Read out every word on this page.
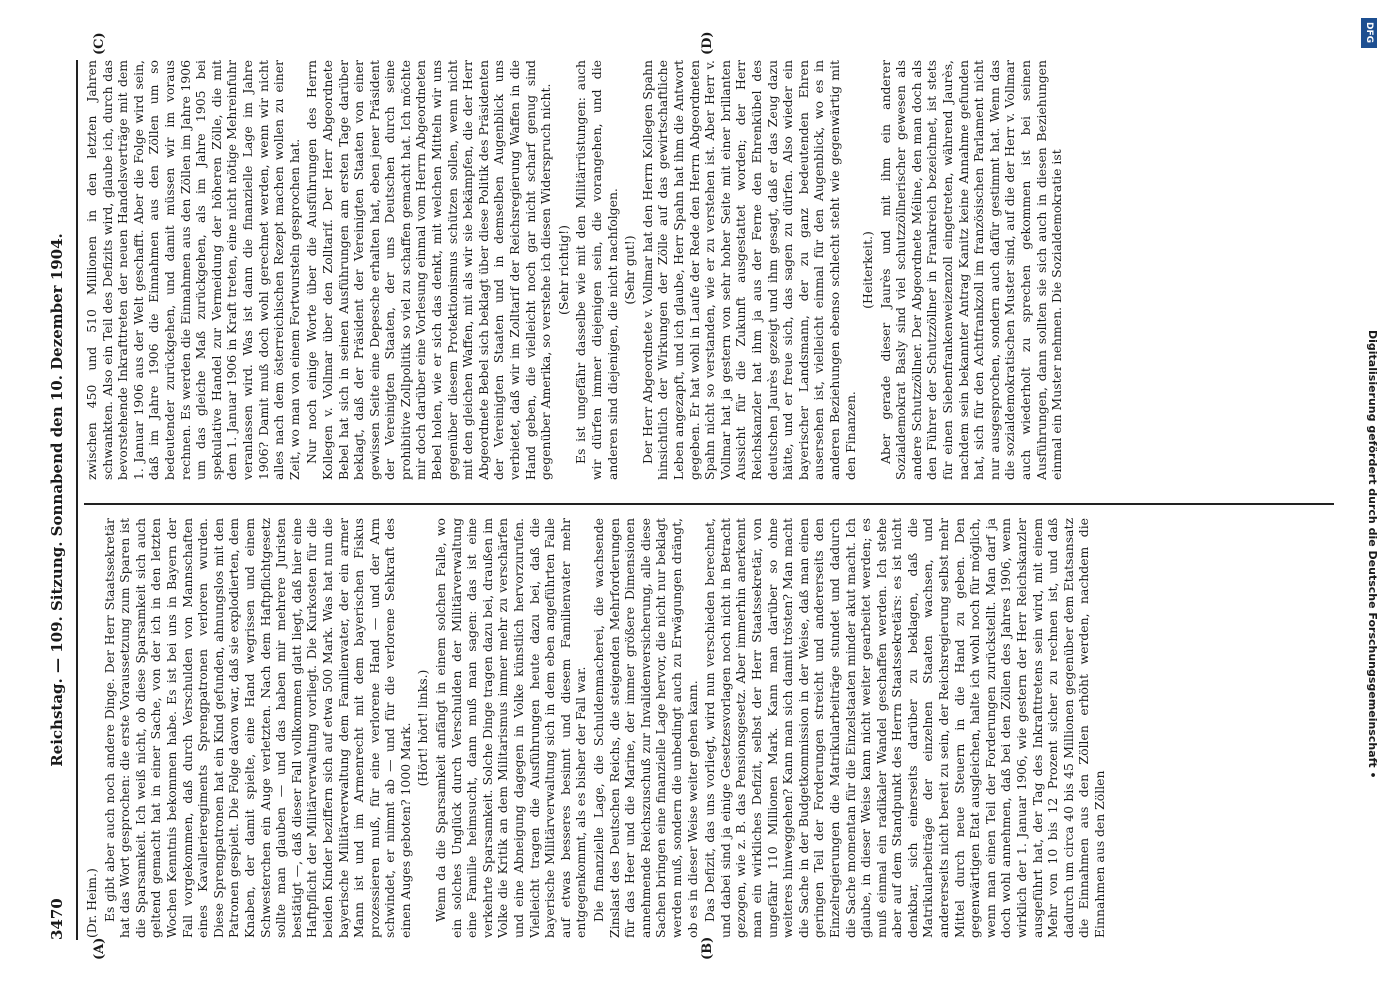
3470
Reichstag. — 109. Sitzung. Sonnabend den 10. Dezember 1904.
(A)	(B)
(C)	(D)

(Dr. Heim.) Es gibt aber auch noch andere Dinge. Der Herr Staatssekretär hat das Wort gesprochen: die erste Voraussetzung zum Sparen ist die Sparsamkeit. Ich weiß nicht, ob diese Sparsamkeit sich auch geltend gemacht hat in einer Sache, von der ich in den letzten Wochen Kenntnis bekommen habe. Es ist bei uns in Bayern der Fall vorgekommen, daß durch Verschulden von Mannschaften eines Kavallerieregiments Sprengpatronen verloren wurden. Diese Sprengpatronen hat ein Kind gefunden, ahnungslos mit den Patronen gespielt. Die Folge davon war, daß sie explodierten, dem Knaben, der damit spielte, eine Hand wegrissen und einem Schwesterchen ein Auge verletzten. Nach dem Haftpflichtgesetz sollte man glauben — und das haben mir mehrere Juristen bestätigt —, daß dieser Fall vollkommen glatt liegt, daß hier eine Haftpflicht der Militärverwaltung vorliegt. Die Kurkosten für die beiden Kinder beziffern sich auf etwa 500 Mark. Was hat nun die bayerische Militärverwaltung dem Familienvater, der ein armer Mann ist und im Armenrecht mit dem bayerischen Fiskus prozessieren muß, für eine verlorene Hand — und der Arm schwindet, er nimmt ab — und für die verlorene Sehkraft des einen Auges geboten? 1000 Mark. (Hört! hört! links.) Wenn da die Sparsamkeit anfängt in einem solchen Falle, wo ein solches Unglück durch Verschulden der Militärverwaltung eine Familie heimsucht, dann muß man sagen: das ist eine verkehrte Sparsamkeit. Solche Dinge tragen dazu bei, draußen im Volke die Kritik an dem Militarismus immer mehr zu verschärfen und eine Abneigung dagegen in Volke künstlich hervorzurufen. Vielleicht tragen die Ausführungen heute dazu bei, daß die bayerische Militärverwaltung sich in dem eben angeführten Falle auf etwas besseres besinnt und diesem Familienvater mehr entgegenkommt, als es bisher der Fall war. Die finanzielle Lage, die Schuldenmacherei, die wachsende Zinslast des Deutschen Reichs, die steigenden Mehrforderungen für das Heer und die Marine, der immer größere Dimensionen annehmende Reichszuschuß zur Invalidenversicherung, alle diese Sachen bringen eine finanzielle Lage hervor, die nicht nur beklagt werden muß, sondern die unbedingt auch zu Erwägungen drängt, ob es in dieser Weise weiter gehen kann. Das Defizit, das uns vorliegt, wird nun verschieden berechnet, und dabei sind ja einige Gesetzesvorlagen noch nicht in Betracht gezogen, wie z. B. das Pensionsgesetz. Aber immerhin anerkennt man ein wirkliches Defizit, selbst der Herr Staatssekretär, von ungefähr 110 Millionen Mark. Kann man darüber so ohne weiteres hinweggehen? Kann man sich damit trösten? Man macht die Sache in der Budgetkommission in der Weise, daß man einen geringen Teil der Forderungen streicht und andererseits den Einzelregierungen die Matrikularbeiträge stundet und dadurch die Sache momentan für die Einzelstaaten minder akut macht. Ich glaube, in dieser Weise kann nicht weiter gearbeitet werden; es muß einmal ein radikaler Wandel geschaffen werden. Ich stehe aber auf dem Standpunkt des Herrn Staatssekretärs: es ist nicht denkbar, sich einerseits darüber zu beklagen, daß die Matrikularbeiträge der einzelnen Staaten wachsen, und andererseits nicht bereit zu sein, der Reichsregierung selbst mehr Mittel durch neue Steuern in die Hand zu geben. Den gegenwärtigen Etat ausgleichen, halte ich wohl noch für möglich, wenn man einen Teil der Forderungen zurückstellt. Man darf ja doch wohl annehmen, daß bei den Zöllen des Jahres 1906, wenn wirklich der 1. Januar 1906, wie gestern der Herr Reichskanzler ausgeführt hat, der Tag des Inkrafttretens sein wird, mit einem Mehr von 10 bis 12 Prozent sicher zu rechnen ist, und daß dadurch um circa 40 bis 45 Millionen gegenüber dem Etatsansatz die Einnahmen aus den Zöllen erhöht werden, nachdem die Einnahmen aus den Zöllen

zwischen 450 und 510 Millionen in den letzten Jahren schwankten. Also ein Teil des Defizits wird, glaube ich, durch das bevorstehende Inkrafttreten der neuen Handelsverträge mit dem 1. Januar 1906 aus der Welt geschafft. Aber die Folge wird sein, daß im Jahre 1906 die Einnahmen aus den Zöllen um so bedeutender zurückgehen, und damit müssen wir im voraus rechnen. Es werden die Einnahmen aus den Zöllen im Jahre 1906 um das gleiche Maß zurückgehen, als im Jahre 1905 bei spekulative Handel zur Vermeidung der höheren Zölle, die mit dem 1. Januar 1906 in Kraft treten, eine nicht nötige Mehreinfuhr veranlassen wird. Was ist dann die finanzielle Lage im Jahre 1906? Damit muß doch wohl gerechnet werden, wenn wir nicht alles nach dem österreichischen Rezept machen wollen zu einer Zeit, wo man von einem Fortwursteln gesprochen hat. Nur noch einige Worte über die Ausführungen des Herrn Kollegen v. Vollmar über den Zolltarif. Der Herr Abgeordnete Bebel hat sich in seinen Ausführungen am ersten Tage darüber beklagt, daß der Präsident der Vereinigten Staaten von einer gewissen Seite eine Depesche erhalten hat, eben jener Präsident der Vereinigten Staaten, der uns Deutschen durch seine prohibitive Zollpolitik so viel zu schaffen gemacht hat. Ich möchte mir doch darüber eine Vorlesung einmal vom Herrn Abgeordneten Bebel holen, wie er sich das denkt, mit welchen Mitteln wir uns gegenüber diesem Protektionismus schützen sollen, wenn nicht mit den gleichen Waffen, mit als wir sie bekämpfen, die der Herr Abgeordnete Bebel sich beklagt über diese Politik des Präsidenten der Vereinigten Staaten und in demselben Augenblick uns verbietet, daß wir im Zolltarif der Reichsregierung Waffen in die Hand geben, die vielleicht noch gar nicht scharf genug sind gegenüber Amerika, so verstehe ich diesen Widerspruch nicht. (Sehr richtig!) Es ist ungefähr dasselbe wie mit den Militärrüstungen: auch wir dürfen immer diejenigen sein, die vorangehen, und die anderen sind diejenigen, die nicht nachfolgen. (Sehr gut!) Der Herr Abgeordnete v. Vollmar hat den Herrn Kollegen Spahn hinsichtlich der Wirkungen der Zölle auf das gewirtschaftliche Leben angezapft, und ich glaube, Herr Spahn hat ihm die Antwort gegeben. Er hat wohl in Laufe der Rede den Herrn Abgeordneten Spahn nicht so verstanden, wie er zu verstehen ist. Aber Herr v. Vollmar hat ja gestern von sehr hoher Seite mit einer brillanten Aussicht für die Zukunft ausgestattet worden; der Herr Reichskanzler hat ihm ja aus der Ferne den Ehrenkübel des deutschen Jaurès gezeigt und ihm gesagt, daß er das Zeug dazu hätte, und er freue sich, das sagen zu dürfen. Also wieder ein bayerischer Landsmann, der zu ganz bedeutenden Ehren ausersehen ist, vielleicht einmal für den Augenblick, wo es in anderen Beziehungen ebenso schlecht steht wie gegenwärtig mit den Finanzen.

(Heiterkeit.) Aber gerade dieser Jaurès und mit ihm ein anderer Sozialdemokrat Basly sind viel schutzzöllnerischer gewesen als andere Schutzzöllner. Der Abgeordnete Méline, den man doch als den Führer der Schutzzöllner in Frankreich bezeichnet, ist stets für einen Siebenfrankenweizenzoll eingetreten, während Jaurès, nachdem sein bekannter Antrag Kanitz keine Annahme gefunden hat, sich für den Achtfrankzoll im französischen Parlament nicht nur ausgesprochen, sondern auch dafür gestimmt hat. Wenn das die sozialdemokratischen Muster sind, auf die der Herr v. Vollmar auch wiederholt zu sprechen gekommen ist bei seinen Ausführungen, dann sollten sie sich auch in diesen Beziehungen einmal ein Muster nehmen. Die Sozialdemokratie ist

DFG
Digitalisierung gefördert durch die Deutsche Forschungsgemeinschaft •
